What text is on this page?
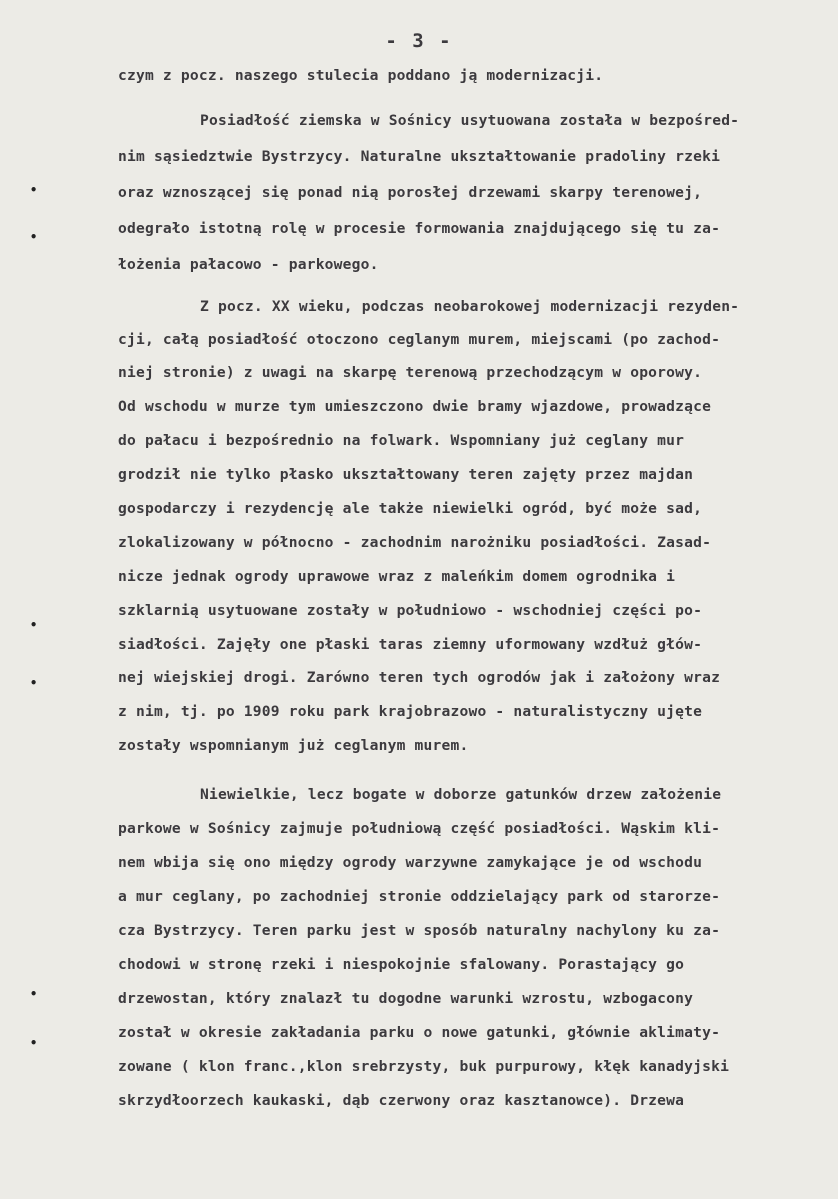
- 3 -
czym z pocz. naszego stulecia poddano ją modernizacji.
Posiadłość ziemska w Sośnicy usytuowana została w bezpośred-
nim sąsiedztwie Bystrzycy. Naturalne ukształtowanie pradoliny rzeki
oraz wznoszącej się ponad nią porosłej drzewami skarpy terenowej,
odegrało istotną rolę w procesie formowania znajdującego się tu za-
łożenia pałacowo - parkowego.
Z pocz. XX wieku, podczas neobarokowej modernizacji rezyden-
cji, całą posiadłość otoczono ceglanym murem, miejscami (po zachod-
niej stronie) z uwagi na skarpę terenową przechodzącym w oporowy.
Od wschodu w murze tym umieszczono dwie bramy wjazdowe, prowadzące
do pałacu i bezpośrednio na folwark. Wspomniany już ceglany mur
grodził nie tylko płasko ukształtowany teren zajęty przez majdan
gospodarczy i rezydencję ale także niewielki ogród, być może sad,
zlokalizowany w północno - zachodnim narożniku posiadłości. Zasad-
nicze jednak ogrody uprawowe wraz z maleńkim domem ogrodnika i
szklarnią usytuowane zostały w południowo - wschodniej części po-
siadłości. Zajęły one płaski taras ziemny uformowany wzdłuż głów-
nej wiejskiej drogi. Zarówno teren tych ogrodów jak i założony wraz
z nim, tj. po 1909 roku park krajobrazowo - naturalistyczny ujęte
zostały wspomnianym już ceglanym murem.
Niewielkie, lecz bogate w doborze gatunków drzew założenie
parkowe w Sośnicy zajmuje południową część posiadłości. Wąskim kli-
nem wbija się ono między ogrody warzywne zamykające je od wschodu
a mur ceglany, po zachodniej stronie oddzielający park od starorze-
cza Bystrzycy. Teren parku jest w sposób naturalny nachylony ku za-
chodowi w stronę rzeki i niespokojnie sfalowany. Porastający go
drzewostan, który znalazł tu dogodne warunki wzrostu, wzbogacony
został w okresie zakładania parku o nowe gatunki, głównie aklimaty-
zowane ( klon franc.,klon srebrzysty, buk purpurowy, kłęk kanadyjski
skrzydłoorzech kaukaski, dąb czerwony oraz kasztanowce). Drzewa
•
•
•
•
•
•
